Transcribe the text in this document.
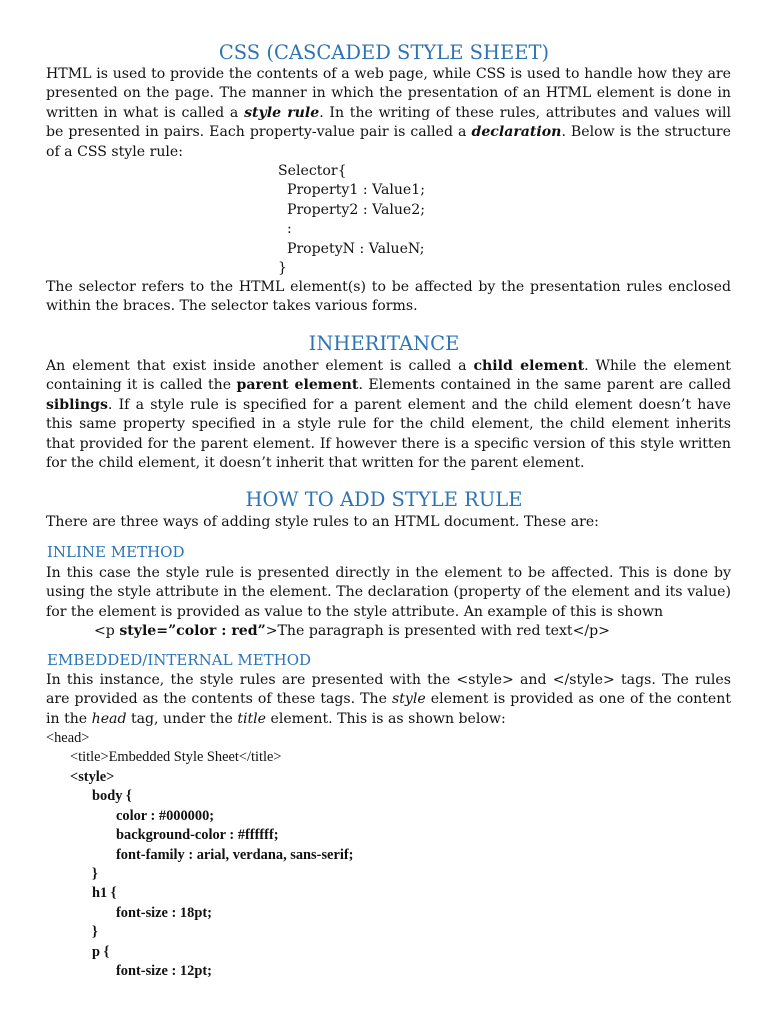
CSS (CASCADED STYLE SHEET)

HTML is used to provide the contents of a web page, while CSS is used to handle how they are presented on the page. The manner in which the presentation of an HTML element is done in written in what is called a style rule. In the writing of these rules, attributes and values will be presented in pairs. Each property-value pair is called a declaration. Below is the structure of a CSS style rule:

Selector{

Property1 : Value1;

Property2 : Value2;

:

PropetyN : ValueN;

}

The selector refers to the HTML element(s) to be affected by the presentation rules enclosed within the braces. The selector takes various forms.

INHERITANCE

An element that exist inside another element is called a child element. While the element containing it is called the parent element. Elements contained in the same parent are called siblings. If a style rule is specified for a parent element and the child element doesn’t have this same property specified in a style rule for the child element, the child element inherits that provided for the parent element. If however there is a specific version of this style written for the child element, it doesn’t inherit that written for the parent element.

HOW TO ADD STYLE RULE

There are three ways of adding style rules to an HTML document. These are:

INLINE METHOD

In this case the style rule is presented directly in the element to be affected. This is done by using the style attribute in the element. The declaration (property of the element and its value) for the element is provided as value to the style attribute. An example of this is shown

<p style=”color : red”>The paragraph is presented with red text</p>

EMBEDDED/INTERNAL METHOD

In this instance, the style rules are presented with the <style> and </style> tags. The rules are provided as the contents of these tags. The style element is provided as one of the content in the head tag, under the title element. This is as shown below:

<head>

<title>Embedded Style Sheet</title>

<style>

body {

color : #000000;

background-color : #ffffff;

font-family : arial, verdana, sans-serif;

}

h1 {

font-size : 18pt;

}

p {

font-size : 12pt;
